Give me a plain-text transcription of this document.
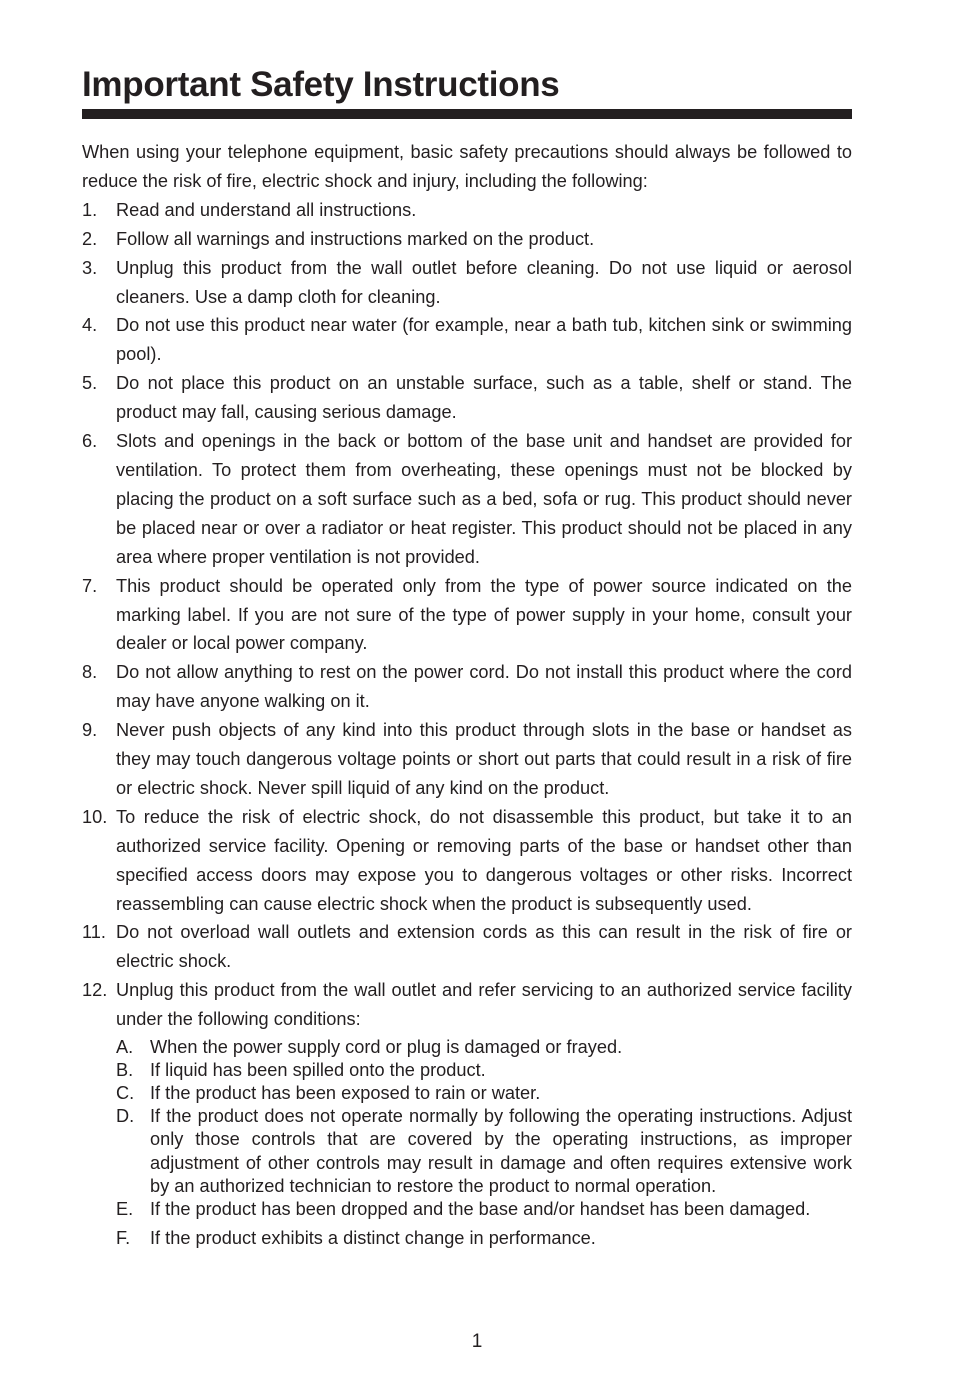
Important Safety Instructions

When using your telephone equipment, basic safety precautions should always be followed to reduce the risk of fire, electric shock and injury, including the following:

1. Read and understand all instructions.
2. Follow all warnings and instructions marked on the product.
3. Unplug this product from the wall outlet before cleaning. Do not use liquid or aerosol cleaners. Use a damp cloth for cleaning.
4. Do not use this product near water (for example, near a bath tub, kitchen sink or swimming pool).
5. Do not place this product on an unstable surface, such as a table, shelf or stand. The product may fall, causing serious damage.
6. Slots and openings in the back or bottom of the base unit and handset are provided for ventilation. To protect them from overheating, these openings must not be blocked by placing the product on a soft surface such as a bed, sofa or rug. This product should never be placed near or over a radiator or heat register. This product should not be placed in any area where proper ventilation is not provided.
7. This product should be operated only from the type of power source indicated on the marking label. If you are not sure of the type of power supply in your home, consult your dealer or local power company.
8. Do not allow anything to rest on the power cord. Do not install this product where the cord may have anyone walking on it.
9. Never push objects of any kind into this product through slots in the base or handset as they may touch dangerous voltage points or short out parts that could result in a risk of fire or electric shock. Never spill liquid of any kind on the product.
10. To reduce the risk of electric shock, do not disassemble this product, but take it to an authorized service facility. Opening or removing parts of the base or handset other than specified access doors may expose you to dangerous voltages or other risks. Incorrect reassembling can cause electric shock when the product is subsequently used.
11. Do not overload wall outlets and extension cords as this can result in the risk of fire or electric shock.
12. Unplug this product from the wall outlet and refer servicing to an authorized service facility under the following conditions:
A. When the power supply cord or plug is damaged or frayed.
B. If liquid has been spilled onto the product.
C. If the product has been exposed to rain or water.
D. If the product does not operate normally by following the operating instructions. Adjust only those controls that are covered by the operating instructions, as improper adjustment of other controls may result in damage and often requires extensive work by an authorized technician to restore the product to normal operation.
E. If the product has been dropped and the base and/or handset has been damaged.
F. If the product exhibits a distinct change in performance.
1
